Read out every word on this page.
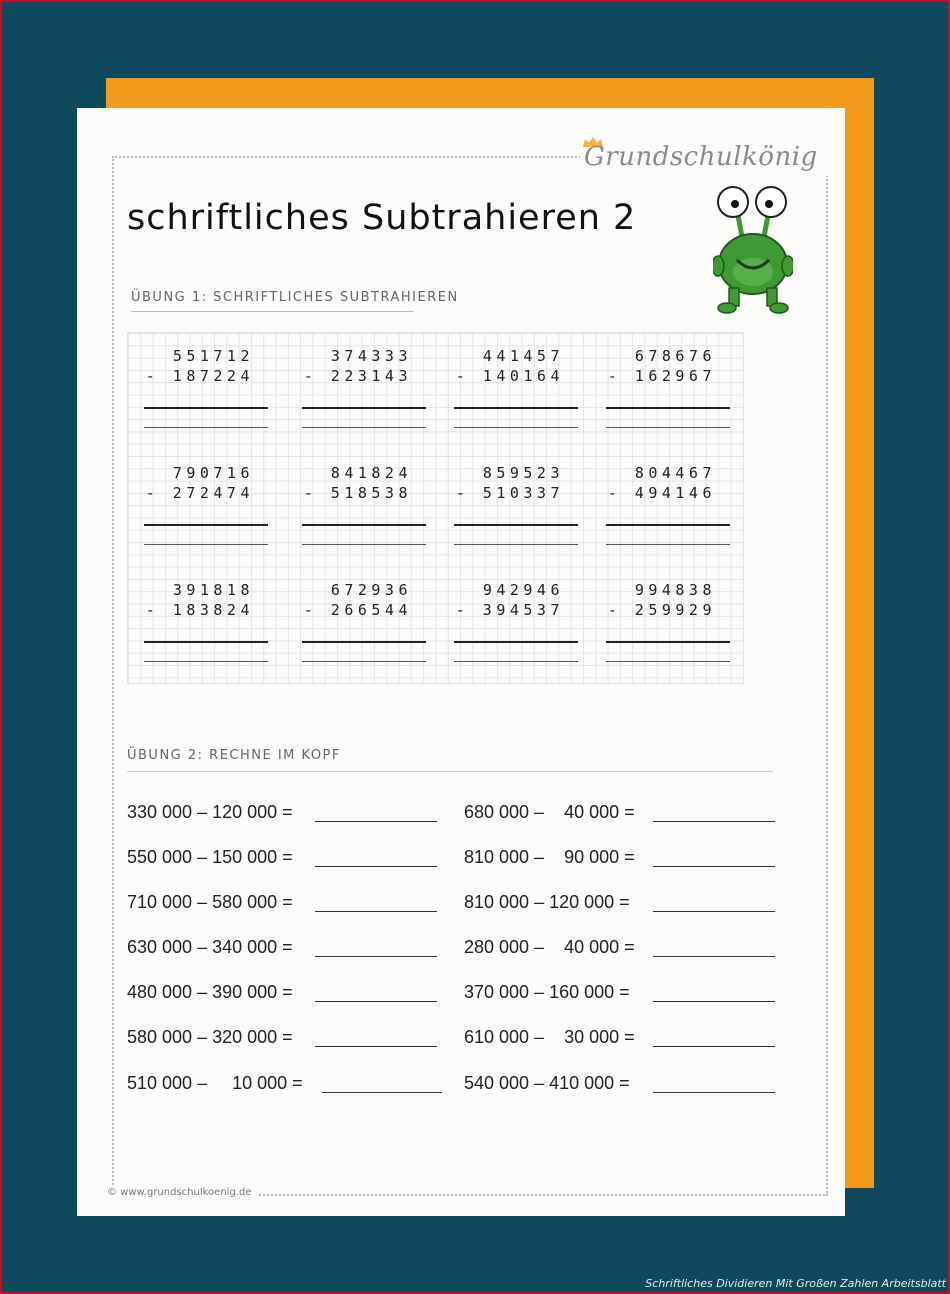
Grundschulkönig
schriftliches Subtrahieren 2
ÜBUNG 1: SCHRIFTLICHES SUBTRAHIEREN
551712
- 187224
374333
- 223143
441457
- 140164
678676
- 162967
790716
- 272474
841824
- 518538
859523
- 510337
804467
- 494146
391818
- 183824
672936
- 266544
942946
- 394537
994838
- 259929
ÜBUNG 2: RECHNE IM KOPF
330 000 – 120 000 =
550 000 – 150 000 =
710 000 – 580 000 =
630 000 – 340 000 =
480 000 – 390 000 =
580 000 – 320 000 =
510 000 –     10 000 =
680 000 –    40 000 =
810 000 –    90 000 =
810 000 – 120 000 =
280 000 –    40 000 =
370 000 – 160 000 =
610 000 –    30 000 =
540 000 – 410 000 =
© www.grundschulkoenig.de
Schriftliches Dividieren Mit Großen Zahlen Arbeitsblatt
